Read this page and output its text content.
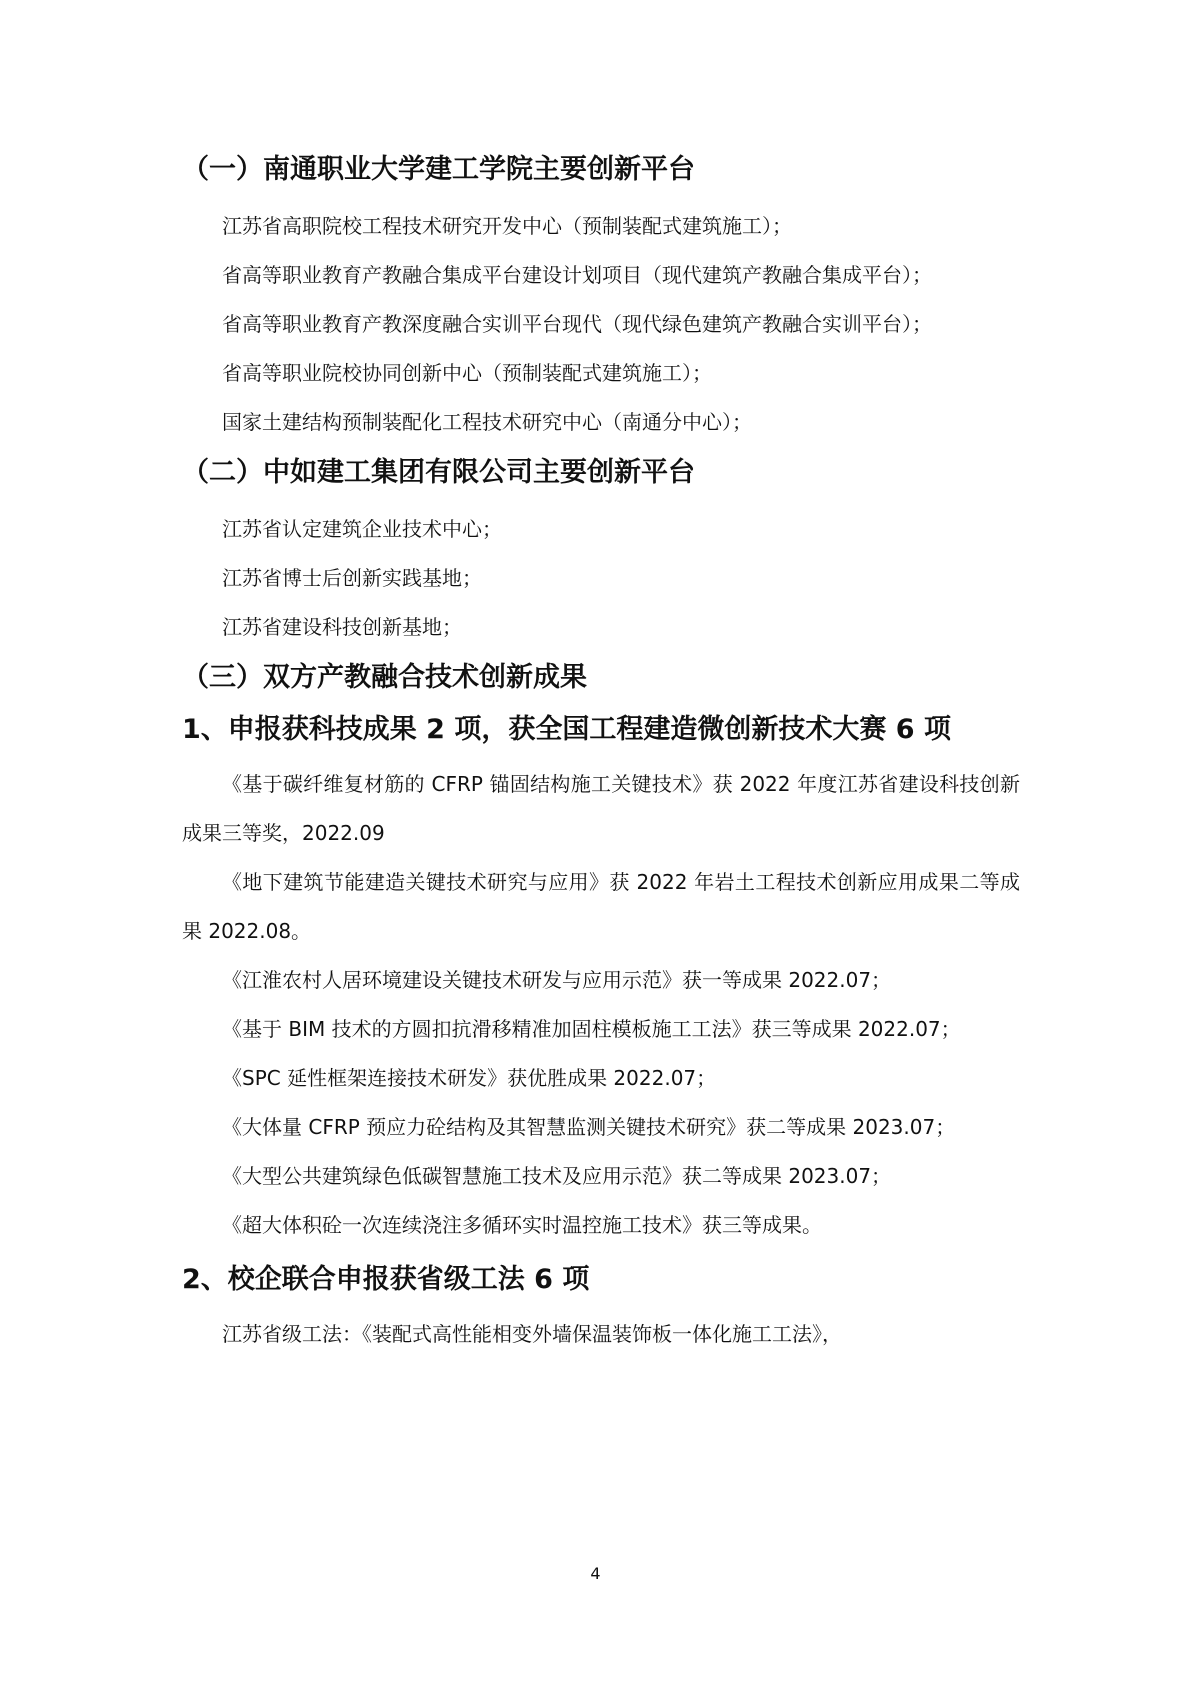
（一）南通职业大学建工学院主要创新平台

江苏省高职院校工程技术研究开发中心（预制装配式建筑施工）；

省高等职业教育产教融合集成平台建设计划项目（现代建筑产教融合集成平台）；

省高等职业教育产教深度融合实训平台现代（现代绿色建筑产教融合实训平台）；

省高等职业院校协同创新中心（预制装配式建筑施工）；

国家土建结构预制装配化工程技术研究中心（南通分中心）；

（二）中如建工集团有限公司主要创新平台

江苏省认定建筑企业技术中心；

江苏省博士后创新实践基地；

江苏省建设科技创新基地；

（三）双方产教融合技术创新成果
1、申报获科技成果 2 项，获全国工程建造微创新技术大赛 6 项

《基于碳纤维复材筋的 CFRP 锚固结构施工关键技术》获 2022 年度江苏省建设科技创新成果三等奖，2022.09

《地下建筑节能建造关键技术研究与应用》获 2022 年岩土工程技术创新应用成果二等成果 2022.08。

《江淮农村人居环境建设关键技术研发与应用示范》获一等成果 2022.07；

《基于 BIM 技术的方圆扣抗滑移精准加固柱模板施工工法》获三等成果 2022.07；

《SPC 延性框架连接技术研发》获优胜成果 2022.07；

《大体量 CFRP 预应力砼结构及其智慧监测关键技术研究》获二等成果 2023.07；

《大型公共建筑绿色低碳智慧施工技术及应用示范》获二等成果 2023.07；

《超大体积砼一次连续浇注多循环实时温控施工技术》获三等成果。

2、校企联合申报获省级工法 6 项

江苏省级工法：《装配式高性能相变外墙保温装饰板一体化施工工法》，

4
